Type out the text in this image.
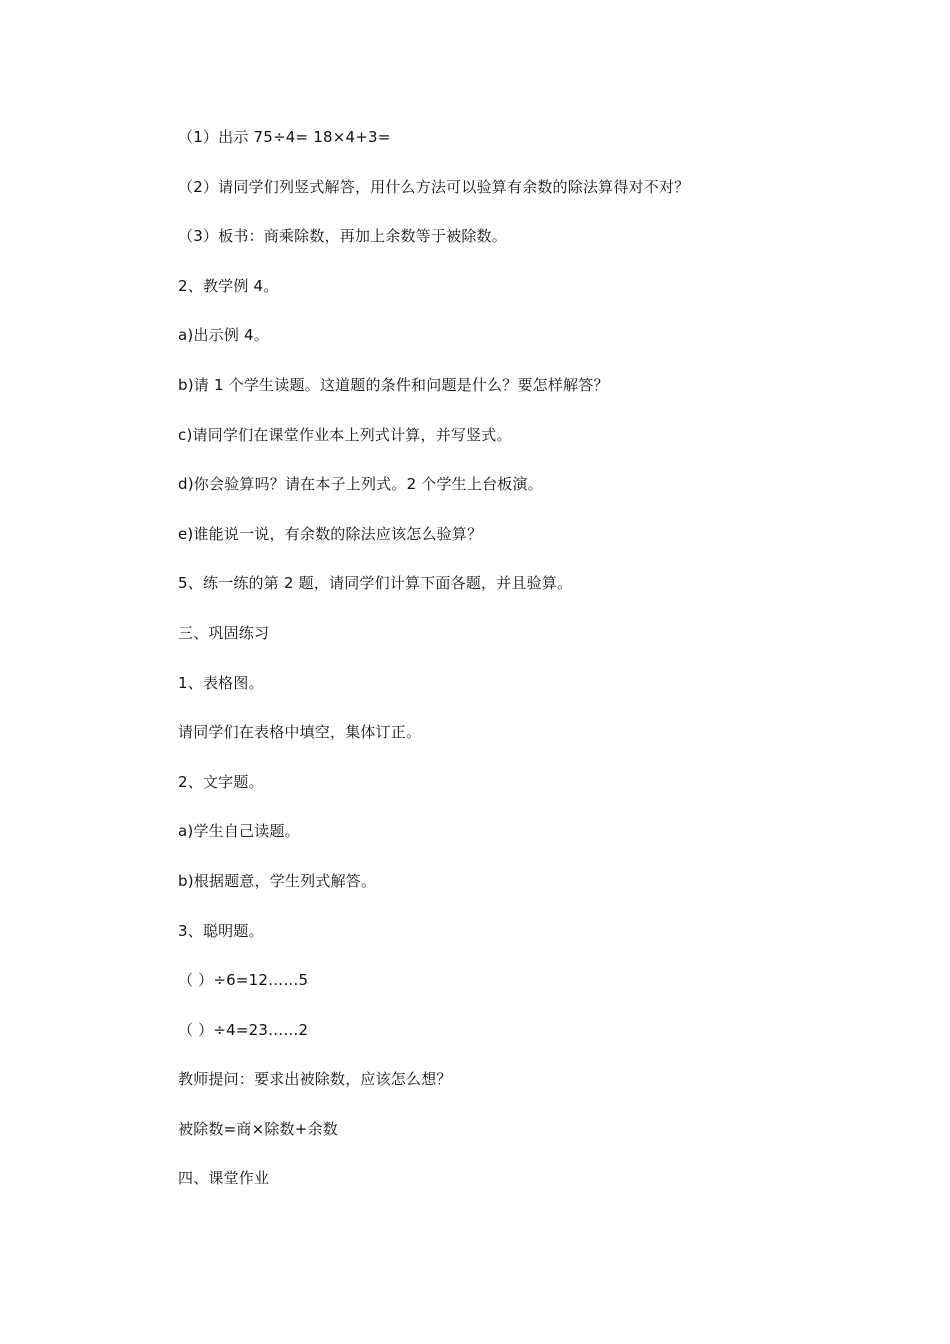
（1）出示 75÷4= 18×4+3=

（2）请同学们列竖式解答，用什么方法可以验算有余数的除法算得对不对？

（3）板书：商乘除数，再加上余数等于被除数。

2、教学例 4。

a)出示例 4。

b)请 1 个学生读题。这道题的条件和问题是什么？要怎样解答？

c)请同学们在课堂作业本上列式计算，并写竖式。

d)你会验算吗？请在本子上列式。2 个学生上台板演。

e)谁能说一说，有余数的除法应该怎么验算？

5、练一练的第 2 题，请同学们计算下面各题，并且验算。

三、巩固练习

1、表格图。

请同学们在表格中填空，集体订正。

2、文字题。

a)学生自己读题。

b)根据题意，学生列式解答。

3、聪明题。

（ ）÷6=12……5

（ ）÷4=23……2

教师提问：要求出被除数，应该怎么想？

被除数=商×除数+余数

四、课堂作业
